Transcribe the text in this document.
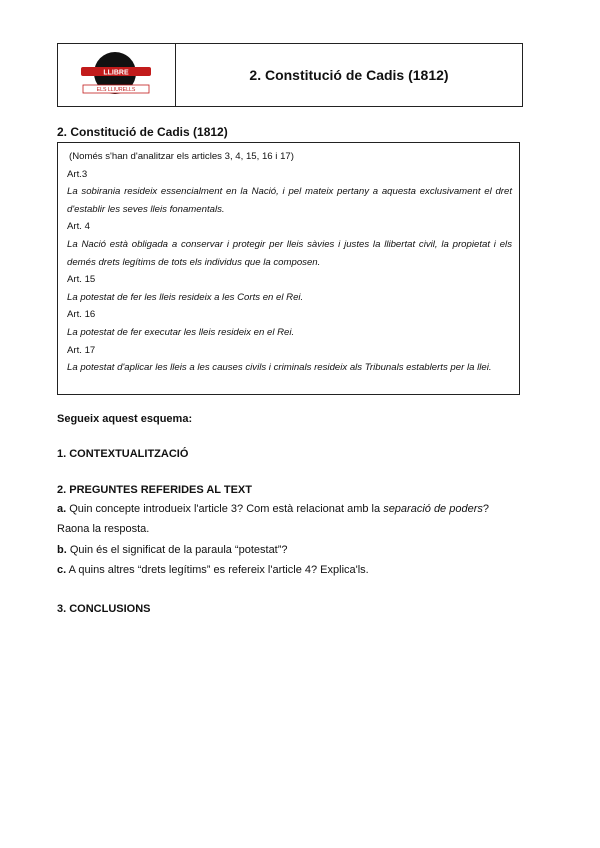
LLIBRE
ELS LLIURELLS
2. Constitució de Cadis (1812)
2. Constitució de Cadis (1812)

(Només s'han d'analitzar els articles 3, 4, 15, 16 i 17)

Art.3

La sobirania resideix essencialment en la Nació, i pel mateix pertany a aquesta exclusivament el dret d'establir les seves lleis fonamentals.

Art. 4

La Nació està obligada a conservar i protegir per lleis sàvies i justes la llibertat civil, la propietat i els demés drets legítims de tots els individus que la composen.

Art. 15

La potestat de fer les lleis resideix a les Corts en el Rei.

Art. 16

La potestat de fer executar les lleis resideix en el Rei.

Art. 17

La potestat d'aplicar les lleis a les causes civils i criminals resideix als Tribunals establerts per la llei.

Segueix aquest esquema:
1. CONTEXTUALITZACIÓ
2. PREGUNTES REFERIDES AL TEXT

a. Quin concepte introdueix l'article 3? Com està relacionat amb la separació de poders? Raona la resposta.

b. Quin és el significat de la paraula “potestat”?

c. A quins altres “drets legítims” es refereix l'article 4? Explica'ls.

3. CONCLUSIONS
